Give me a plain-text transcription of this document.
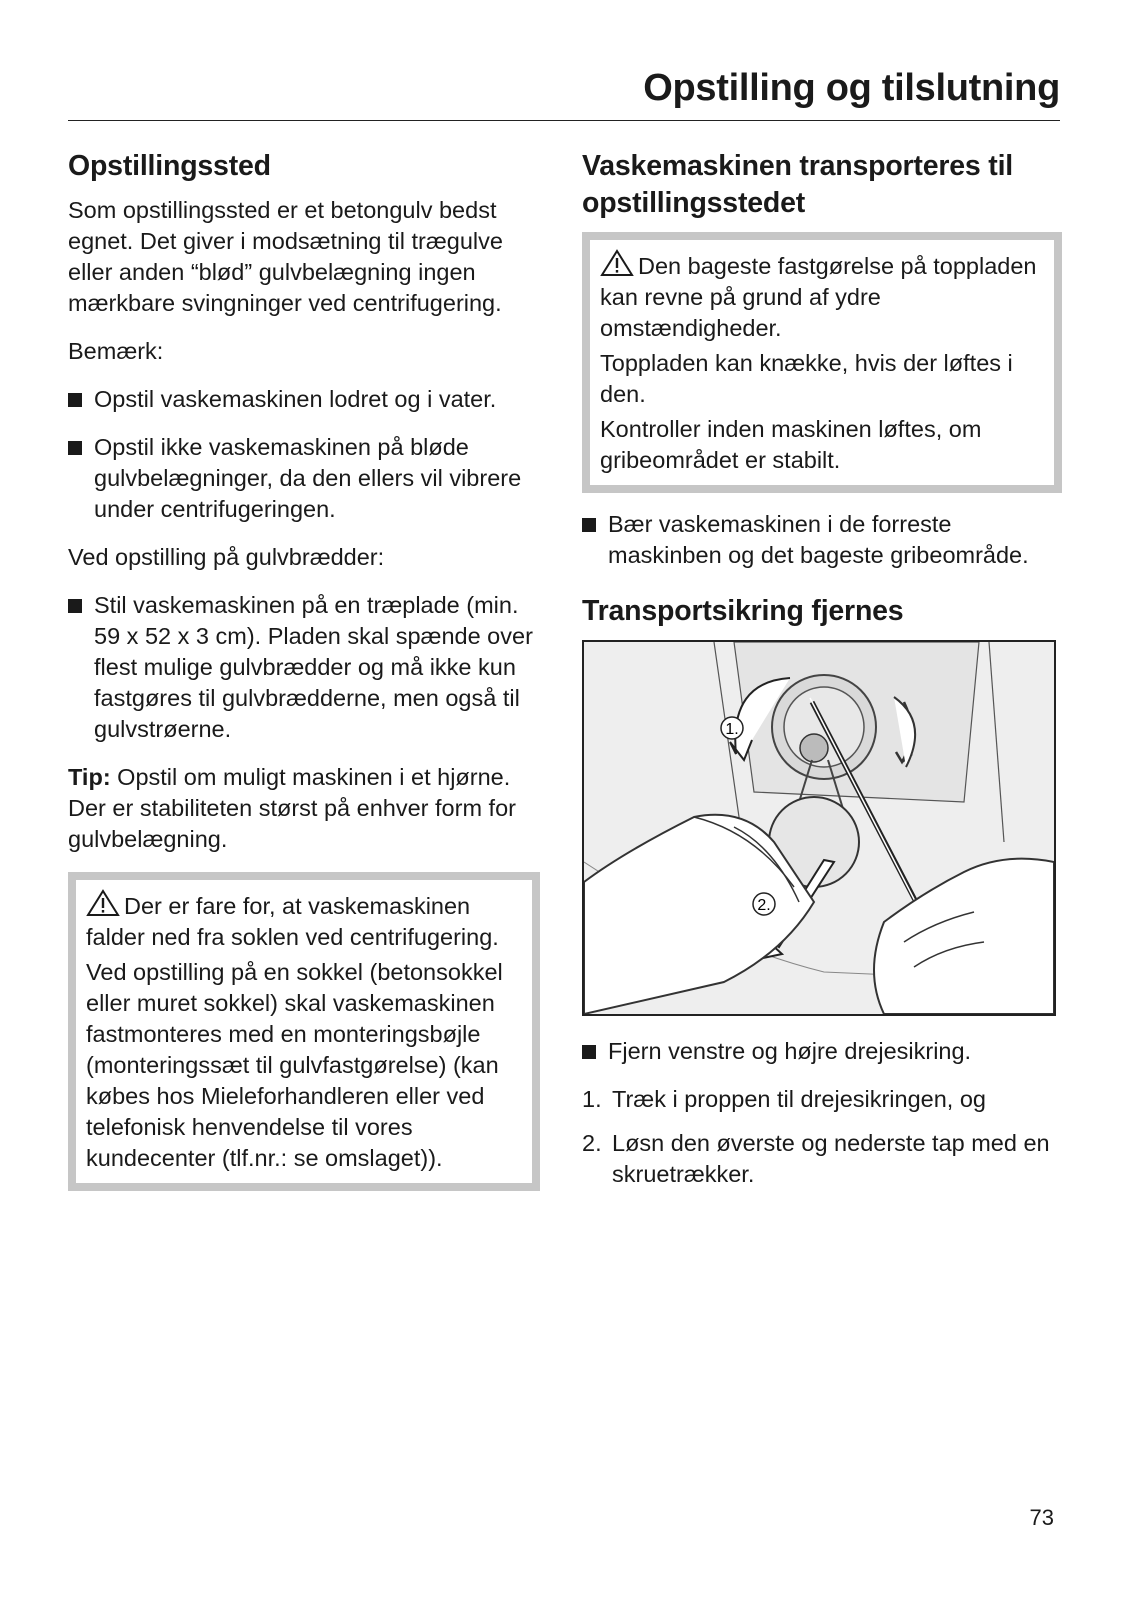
Opstilling og tilslutning
Opstillingssted

Som opstillingssted er et betongulv bedst egnet. Det giver i modsætning til trægulve eller anden “blød” gulvbelægning ingen mærkbare svingninger ved centrifugering.

Bemærk:

Opstil vaskemaskinen lodret og i vater.
Opstil ikke vaskemaskinen på bløde gulvbelægninger, da den ellers vil vibrere under centrifugeringen.

Ved opstilling på gulvbrædder:

Stil vaskemaskinen på en træplade (min. 59 x 52 x 3 cm). Pladen skal spænde over flest mulige gulvbrædder og må ikke kun fastgøres til gulvbrædderne, men også til gulvstrøerne.

Tip: Opstil om muligt maskinen i et hjørne. Der er stabiliteten størst på enhver form for gulvbelægning.

Der er fare for, at vaskemaskinen falder ned fra soklen ved centrifugering.

Ved opstilling på en sokkel (betonsokkel eller muret sokkel) skal vaskemaskinen fastmonteres med en monteringsbøjle (monteringssæt til gulvfastgørelse) (kan købes hos Mieleforhandleren eller ved telefonisk henvendelse til vores kundecenter (tlf.nr.: se omslaget)).

Vaskemaskinen transporteres til opstillingsstedet

Den bageste fastgørelse på toppladen kan revne på grund af ydre omstændigheder.

Toppladen kan knække, hvis der løftes i den.

Kontroller inden maskinen løftes, om gribeområdet er stabilt.

Bær vaskemaskinen i de forreste maskinben og det bageste gribeområde.
Transportsikring fjernes
1.
2.
Fjern venstre og højre drejesikring.
1. Træk i proppen til drejesikringen, og
2. Løsn den øverste og nederste tap med en skruetrækker.
73
